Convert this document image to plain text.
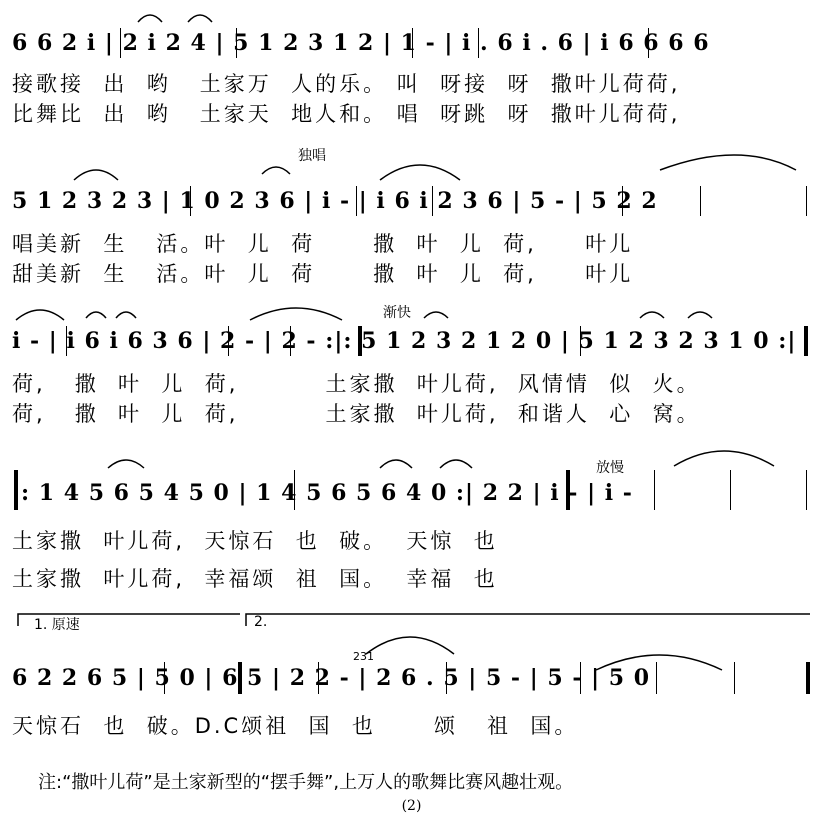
6 6 2 i | 2 i 2 4 | 5 1 2 3 1 2 | 1 - | i . 6 i . 6 | i 6 6 6 6
接歌接  出  哟   土家万  人的乐。 叫  呀接  呀  撒叶儿荷荷,
比舞比  出  哟   土家天  地人和。 唱  呀跳  呀  撒叶儿荷荷,
独唱
5 1 2 3 2 3 | 1 0 2 3 6 | i - | i 6 i 2 3 6 | 5 - | 5 2 2
唱美新  生   活。叶  儿  荷      撒  叶  儿  荷,     叶儿
甜美新  生   活。叶  儿  荷      撒  叶  儿  荷,     叶儿
渐快
i - | i 6 i 6 3 6 | 2 - | 2 - :|: 5 1 2 3 2 1 2 0 | 5 1 2 3 2 3 1 0 :|
荷,   撒  叶  儿  荷,         土家撒  叶儿荷,  风情情  似  火。
荷,   撒  叶  儿  荷,         土家撒  叶儿荷,  和谐人  心  窝。
放慢
|: 1 4 5 6 5 4 5 0 | 1 4 5 6 5 6 4 0 :| 2 2 | i - | i -
土家撒  叶儿荷,  天惊石  也  破。  天惊  也
土家撒  叶儿荷,  幸福颂  祖  国。  幸福  也
1. 原速	2.
231
6 2 2 6 5 | 5 0 | 6 5 | 2 2 - | 2 6 . 5 | 5 - | 5 - | 5 0
天惊石  也  破。D.C颂祖  国  也      颂   祖  国。
注:“撒叶儿荷”是土家新型的“摆手舞”,上万人的歌舞比赛风趣壮观。
(2)
